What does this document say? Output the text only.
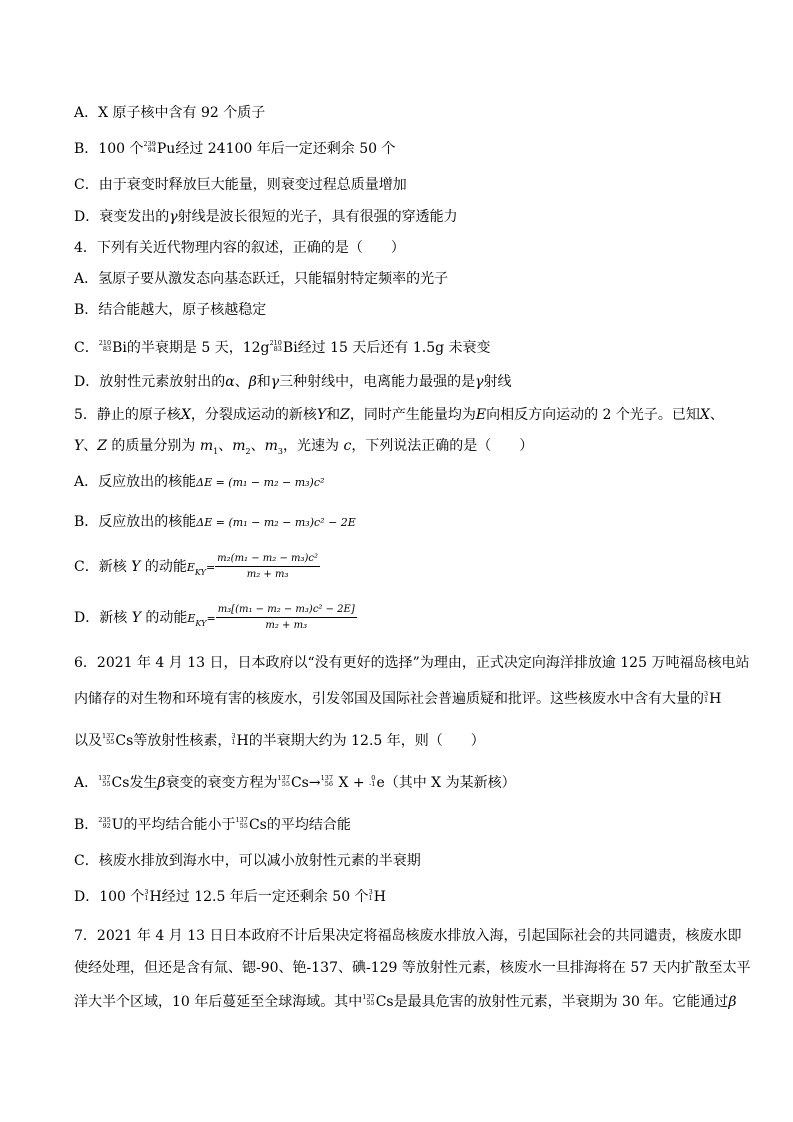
A．X 原子核中含有 92 个质子
B．100 个 239
94 Pu经过 24100 年后一定还剩余 50 个
C．由于衰变时释放巨大能量，则衰变过程总质量增加
D．衰变发出的γ射线是波长很短的光子，具有很强的穿透能力
4．下列有关近代物理内容的叙述，正确的是（　　）
A．氢原子要从激发态向基态跃迁，只能辐射特定频率的光子
B．结合能越大，原子核越稳定
C． 210
83 Bi的半衰期是 5 天，12g 210
83 Bi经过 15 天后还有 1.5g 未衰变
D．放射性元素放射出的α、β和γ三种射线中，电离能力最强的是γ射线
5．静止的原子核X，分裂成运动的新核Y和Z，同时产生能量均为E向相反方向运动的 2 个光子。已知X、
Y、Z 的质量分别为 $m_1$、$m_2$、$m_3$，光速为 c，下列说法正确的是（　　）
A．反应放出的核能ΔE = (m₁ − m₂ − m₃)c²
B．反应放出的核能ΔE = (m₁ − m₂ − m₃)c² − 2E
C．新核 Y 的动能$E_{KY}= \frac{\text{m₂(m₁ − m₂ − m₃)c²}}{\text{m₂ + m₃}}$
D．新核 Y 的动能$E_{KY}= \frac{\text{m₃[(m₁ − m₂ − m₃)c² − 2E]}}{\text{m₂ + m₃}}$
6．2021 年 4 月 13 日，日本政府以“没有更好的选择”为理由，正式决定向海洋排放逾 125 万吨福岛核电站
内储存的对生物和环境有害的核废水，引发邻国及国际社会普遍质疑和批评。这些核废水中含有大量的 3
1 H
以及 137
55 Cs等放射性核素， 3
1 H的半衰期大约为 12.5 年，则（　　）
A． 137
55 Cs发生β衰变的衰变方程为 137
55 Cs→ 137
56 X +	0
-1 e（其中 X 为某新核）
B． 235
92 U的平均结合能小于 137
55 Cs的平均结合能
C．核废水排放到海水中，可以减小放射性元素的半衰期
D．100 个 3
1 H经过 12.5 年后一定还剩余 50 个 3
1 H
7．2021 年 4 月 13 日日本政府不计后果决定将福岛核废水排放入海，引起国际社会的共同谴责，核废水即
使经处理，但还是含有氚、锶-90、铯-137、碘-129 等放射性元素，核废水一旦排海将在 57 天内扩散至太平
洋大半个区域，10 年后蔓延至全球海域。其中 137
55 Cs是最具危害的放射性元素，半衰期为 30 年。它能通过β
